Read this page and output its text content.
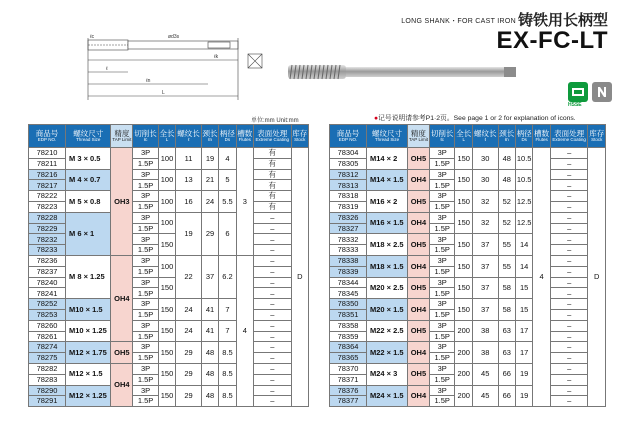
LONG SHANK・FOR CAST IRON 铸铁用长柄型
EX-FC-LT
ℓc	ød3s
ℓ
ℓn
L
ℓk
HSSE
单位:mm Unit:mm	●记号说明请参考P1·2页。See page 1 or 2 for explanation of icons.
商品号
EDP NO.	螺纹尺寸
Thread Size	精度
TAP Limit	切削长
ℓc	全长
L	螺纹长
ℓ	颈长
ℓn	柄径
Ds	槽数
Flutes	表面处理
Extreme Coating	库存
Stock

78210	M 3 × 0.5	OH3	3P	100	11	19	4	3	有	D
78211			1.5P						有	
78216	M 4 × 0.7		3P	100	13	21	5		有	
78217			1.5P						有	
78222	M 5 × 0.8		3P	100	16	24	5.5		有	
78223			1.5P						有	
78228	M 6 × 1		3P	100	19	29	6		–	
78229			1.5P						–	
78232			3P	150					–	
78233			1.5P						–	
78236	M 8 × 1.25	OH4	3P	100	22	37	6.2	4	–	
78237			1.5P						–	
78240			3P	150					–	
78241			1.5P						–	
78252	M10 × 1.5		3P	150	24	41	7		–	
78253			1.5P						–	
78260	M10 × 1.25		3P	150	24	41	7		–	
78261			1.5P						–	
78274	M12 × 1.75	OH5	3P	150	29	48	8.5		–	
78275			1.5P						–	
78282	M12 × 1.5	OH4	3P	150	29	48	8.5		–	
78283			1.5P						–	
78290	M12 × 1.25		3P	150	29	48	8.5		–	
78291			1.5P						–	
商品号
EDP NO.	螺纹尺寸
Thread Size	精度
TAP Limit	切削长
ℓc	全长
L	螺纹长
ℓ	颈长
ℓn	柄径
Ds	槽数
Flutes	表面处理
Extreme Coating	库存
Stock

78304	M14 × 2	OH5	3P	150	30	48	10.5	4	–	D
78305			1.5P						–	
78312	M14 × 1.5	OH4	3P	150	30	48	10.5		–	
78313			1.5P						–	
78318	M16 × 2	OH5	3P	150	32	52	12.5		–	
78319			1.5P						–	
78326	M16 × 1.5	OH4	3P	150	32	52	12.5		–	
78327			1.5P						–	
78332	M18 × 2.5	OH5	3P	150	37	55	14		–	
78333			1.5P						–	
78338	M18 × 1.5	OH4	3P	150	37	55	14		–	
78339			1.5P						–	
78344	M20 × 2.5	OH5	3P	150	37	58	15		–	
78345			1.5P						–	
78350	M20 × 1.5	OH4	3P	150	37	58	15		–	
78351			1.5P						–	
78358	M22 × 2.5	OH5	3P	200	38	63	17		–	
78359			1.5P						–	
78364	M22 × 1.5	OH4	3P	200	38	63	17		–	
78365			1.5P						–	
78370	M24 × 3	OH5	3P	200	45	66	19		–	
78371			1.5P						–	
78376	M24 × 1.5	OH4	3P	200	45	66	19		–	
78377			1.5P						–	
